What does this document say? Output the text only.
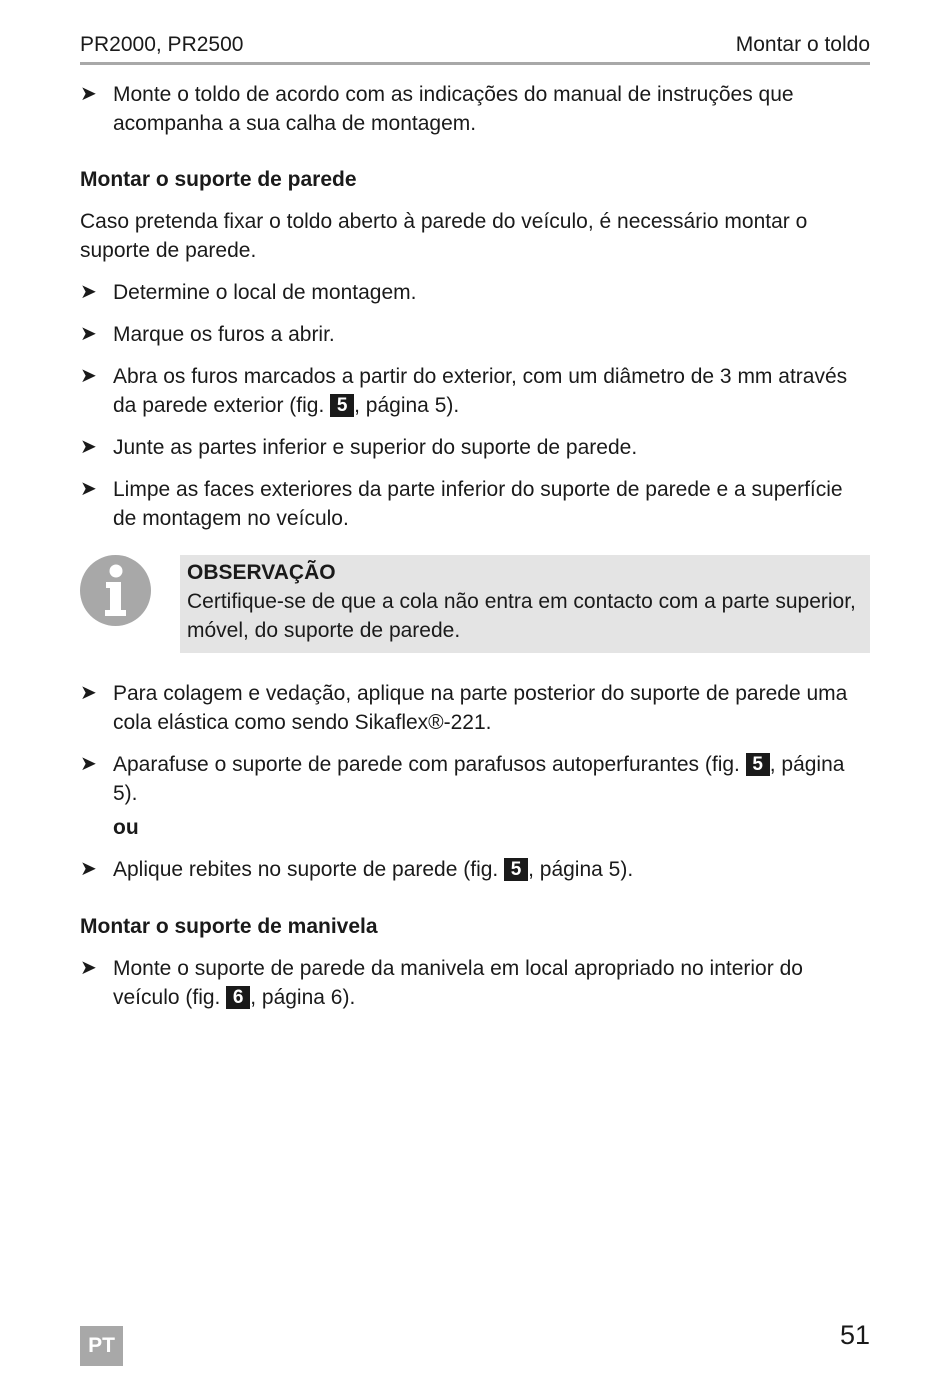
PR2000, PR2500	Montar o toldo
➤ Monte o toldo de acordo com as indicações do manual de instruções que acompanha a sua calha de montagem.
Montar o suporte de parede
Caso pretenda fixar o toldo aberto à parede do veículo, é necessário montar o suporte de parede.
➤ Determine o local de montagem.
➤ Marque os furos a abrir.
➤ Abra os furos marcados a partir do exterior, com um diâmetro de 3 mm através da parede exterior (fig. 5 , página 5).
➤ Junte as partes inferior e superior do suporte de parede.
➤ Limpe as faces exteriores da parte inferior do suporte de parede e a superfície de montagem no veículo.
OBSERVAÇÃO
Certifique-se de que a cola não entra em contacto com a parte superior, móvel, do suporte de parede.
➤ Para colagem e vedação, aplique na parte posterior do suporte de parede uma cola elástica como sendo Sikaflex®-221.
➤ Aparafuse o suporte de parede com parafusos autoperfurantes (fig. 5 , página 5).
ou
➤ Aplique rebites no suporte de parede (fig. 5 , página 5).
Montar o suporte de manivela
➤ Monte o suporte de parede da manivela em local apropriado no interior do veículo (fig. 6 , página 6).
PT	51
